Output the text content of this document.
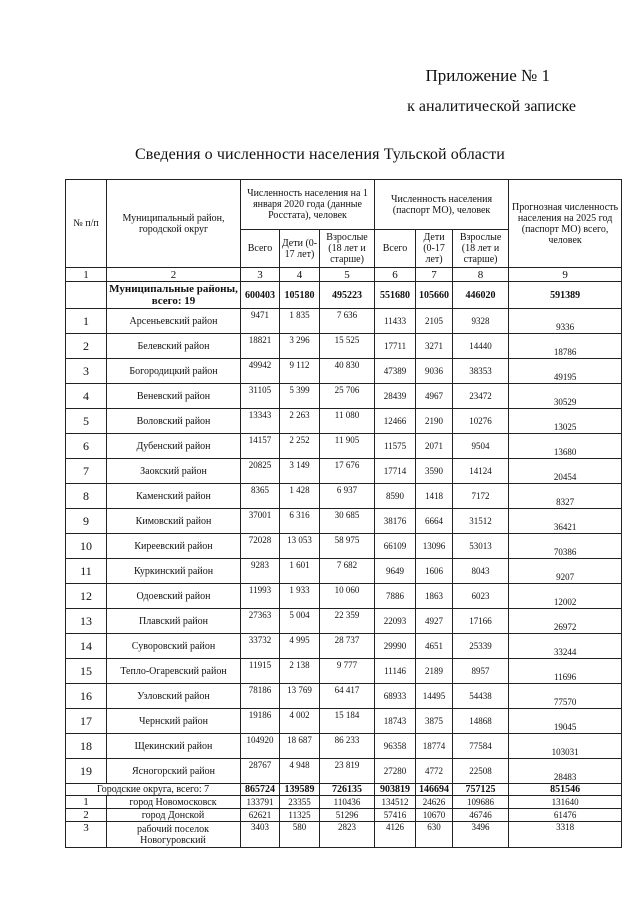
Приложение № 1
к аналитической записке
Сведения о численности населения Тульской области
№ п/п	Муниципальный район, городской округ	Численность населения на 1 января 2020 года (данные Росстата), человек			Численность населения (паспорт МО), человек			Прогнозная численность населения на 2025 год (паспорт МО) всего, человек
		Всего	Дети (0-17 лет)	Взрослые (18 лет и старше)	Всего	Дети (0-17 лет)	Взрослые (18 лет и старше)	
1	2	3	4	5	6	7	8	9
	Муниципальные районы, всего: 19	600403	105180	495223	551680	105660	446020	591389
1	Арсеньевский район	9471	1 835	7 636	11433	2105	9328	9336
2	Белевский район	18821	3 296	15 525	17711	3271	14440	18786
3	Богородицкий район	49942	9 112	40 830	47389	9036	38353	49195
4	Веневский район	31105	5 399	25 706	28439	4967	23472	30529
5	Воловский район	13343	2 263	11 080	12466	2190	10276	13025
6	Дубенский район	14157	2 252	11 905	11575	2071	9504	13680
7	Заокский район	20825	3 149	17 676	17714	3590	14124	20454
8	Каменский район	8365	1 428	6 937	8590	1418	7172	8327
9	Кимовский район	37001	6 316	30 685	38176	6664	31512	36421
10	Киреевский район	72028	13 053	58 975	66109	13096	53013	70386
11	Куркинский район	9283	1 601	7 682	9649	1606	8043	9207
12	Одоевский район	11993	1 933	10 060	7886	1863	6023	12002
13	Плавский район	27363	5 004	22 359	22093	4927	17166	26972
14	Суворовский район	33732	4 995	28 737	29990	4651	25339	33244
15	Тепло-Огаревский район	11915	2 138	9 777	11146	2189	8957	11696
16	Узловский район	78186	13 769	64 417	68933	14495	54438	77570
17	Чернский район	19186	4 002	15 184	18743	3875	14868	19045
18	Щекинский район	104920	18 687	86 233	96358	18774	77584	103031
19	Ясногорский район	28767	4 948	23 819	27280	4772	22508	28483
Городские округа, всего: 7		865724	139589	726135	903819	146694	757125	851546
1	город Новомосковск	133791	23355	110436	134512	24626	109686	131640
2	город Донской	62621	11325	51296	57416	10670	46746	61476
3	рабочий поселок Новогуровский	3403	580	2823	4126	630	3496	3318
